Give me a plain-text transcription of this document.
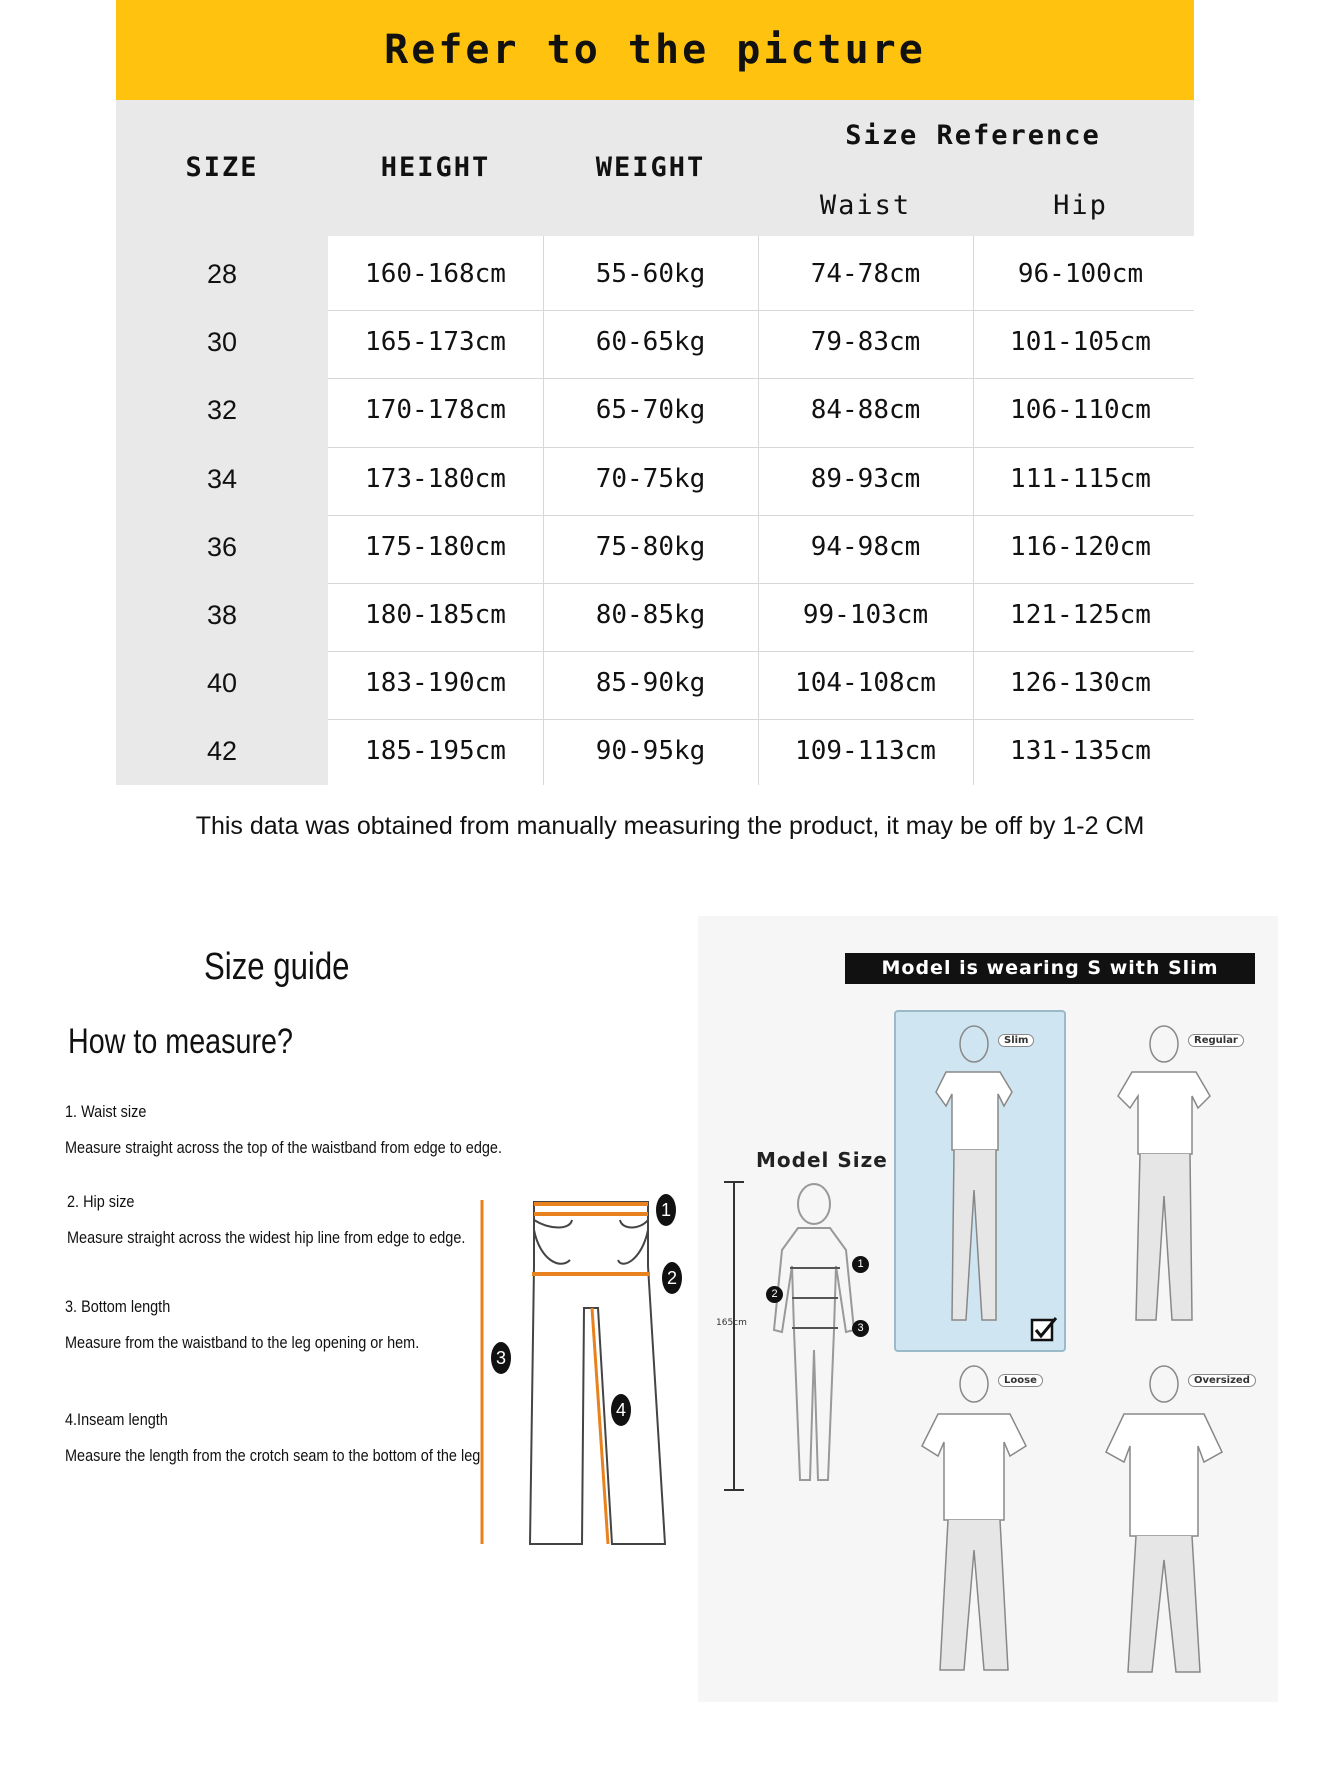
Refer to the picture
SIZE	HEIGHT	WEIGHT
Size Reference
Waist	Hip
28	160-168cm	55-60kg	74-78cm	96-100cm
30	165-173cm	60-65kg	79-83cm	101-105cm
32	170-178cm	65-70kg	84-88cm	106-110cm
34	173-180cm	70-75kg	89-93cm	111-115cm
36	175-180cm	75-80kg	94-98cm	116-120cm
38	180-185cm	80-85kg	99-103cm	121-125cm
40	183-190cm	85-90kg	104-108cm	126-130cm
42	185-195cm	90-95kg	109-113cm	131-135cm
This data was obtained from manually measuring the product, it may be off by 1-2 CM
Size guide
How to measure?
1. Waist size
Measure straight across the top of the waistband from edge to edge.
2. Hip size
Measure straight across the widest hip line from edge to edge.
3. Bottom length
Measure from the waistband to the leg opening or hem.
4.Inseam length
Measure the length from the crotch seam to the bottom of the leg.
1
2
3
4
Model is wearing S with Slim
Model Size
165cm
1
2
3
Slim	Regular
Loose	Oversized
